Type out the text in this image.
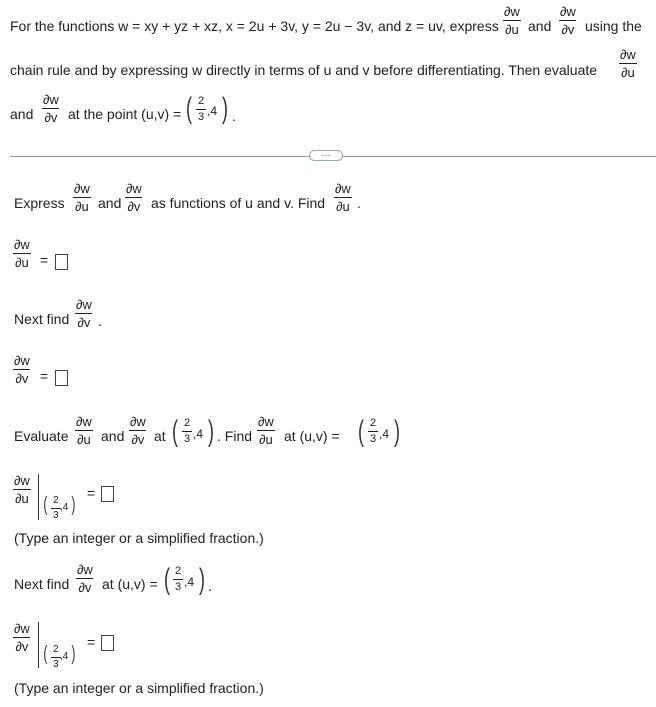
For the functions w = xy + yz + xz, x = 2u + 3v, y = 2u − 3v, and z = uv, express $\frac{\partial w}{\partial u}$ and $\frac{\partial w}{\partial v}$ using the
chain rule and by expressing w directly in terms of u and v before differentiating. Then evaluate $\frac{\partial w}{\partial u}$
and $\frac{\partial w}{\partial v}$ at the point (u,v) = ( $\frac{2}{3} ,4$ ) .
···
Express $\frac{\partial w}{\partial u}$ and $\frac{\partial w}{\partial v}$ as functions of u and v. Find $\frac{\partial w}{\partial u}$ .
$\frac{\partial w}{\partial u}$ =
Next find $\frac{\partial w}{\partial v}$ .
$\frac{\partial w}{\partial v}$ =
Evaluate $\frac{\partial w}{\partial u}$ and $\frac{\partial w}{\partial v}$ at ( $\frac{2}{3} ,4$ ) . Find $\frac{\partial w}{\partial u}$ at (u,v) = ( $\frac{2}{3} ,4$ )
$\frac{\partial w}{\partial u}$ ( $\frac{2}{3} ,4$ )
=
(Type an integer or a simplified fraction.)
Next find $\frac{\partial w}{\partial v}$ at (u,v) = ( $\frac{2}{3} ,4$ ) .
$\frac{\partial w}{\partial v}$
( $\frac{2}{3} ,4$ )
=
(Type an integer or a simplified fraction.)
